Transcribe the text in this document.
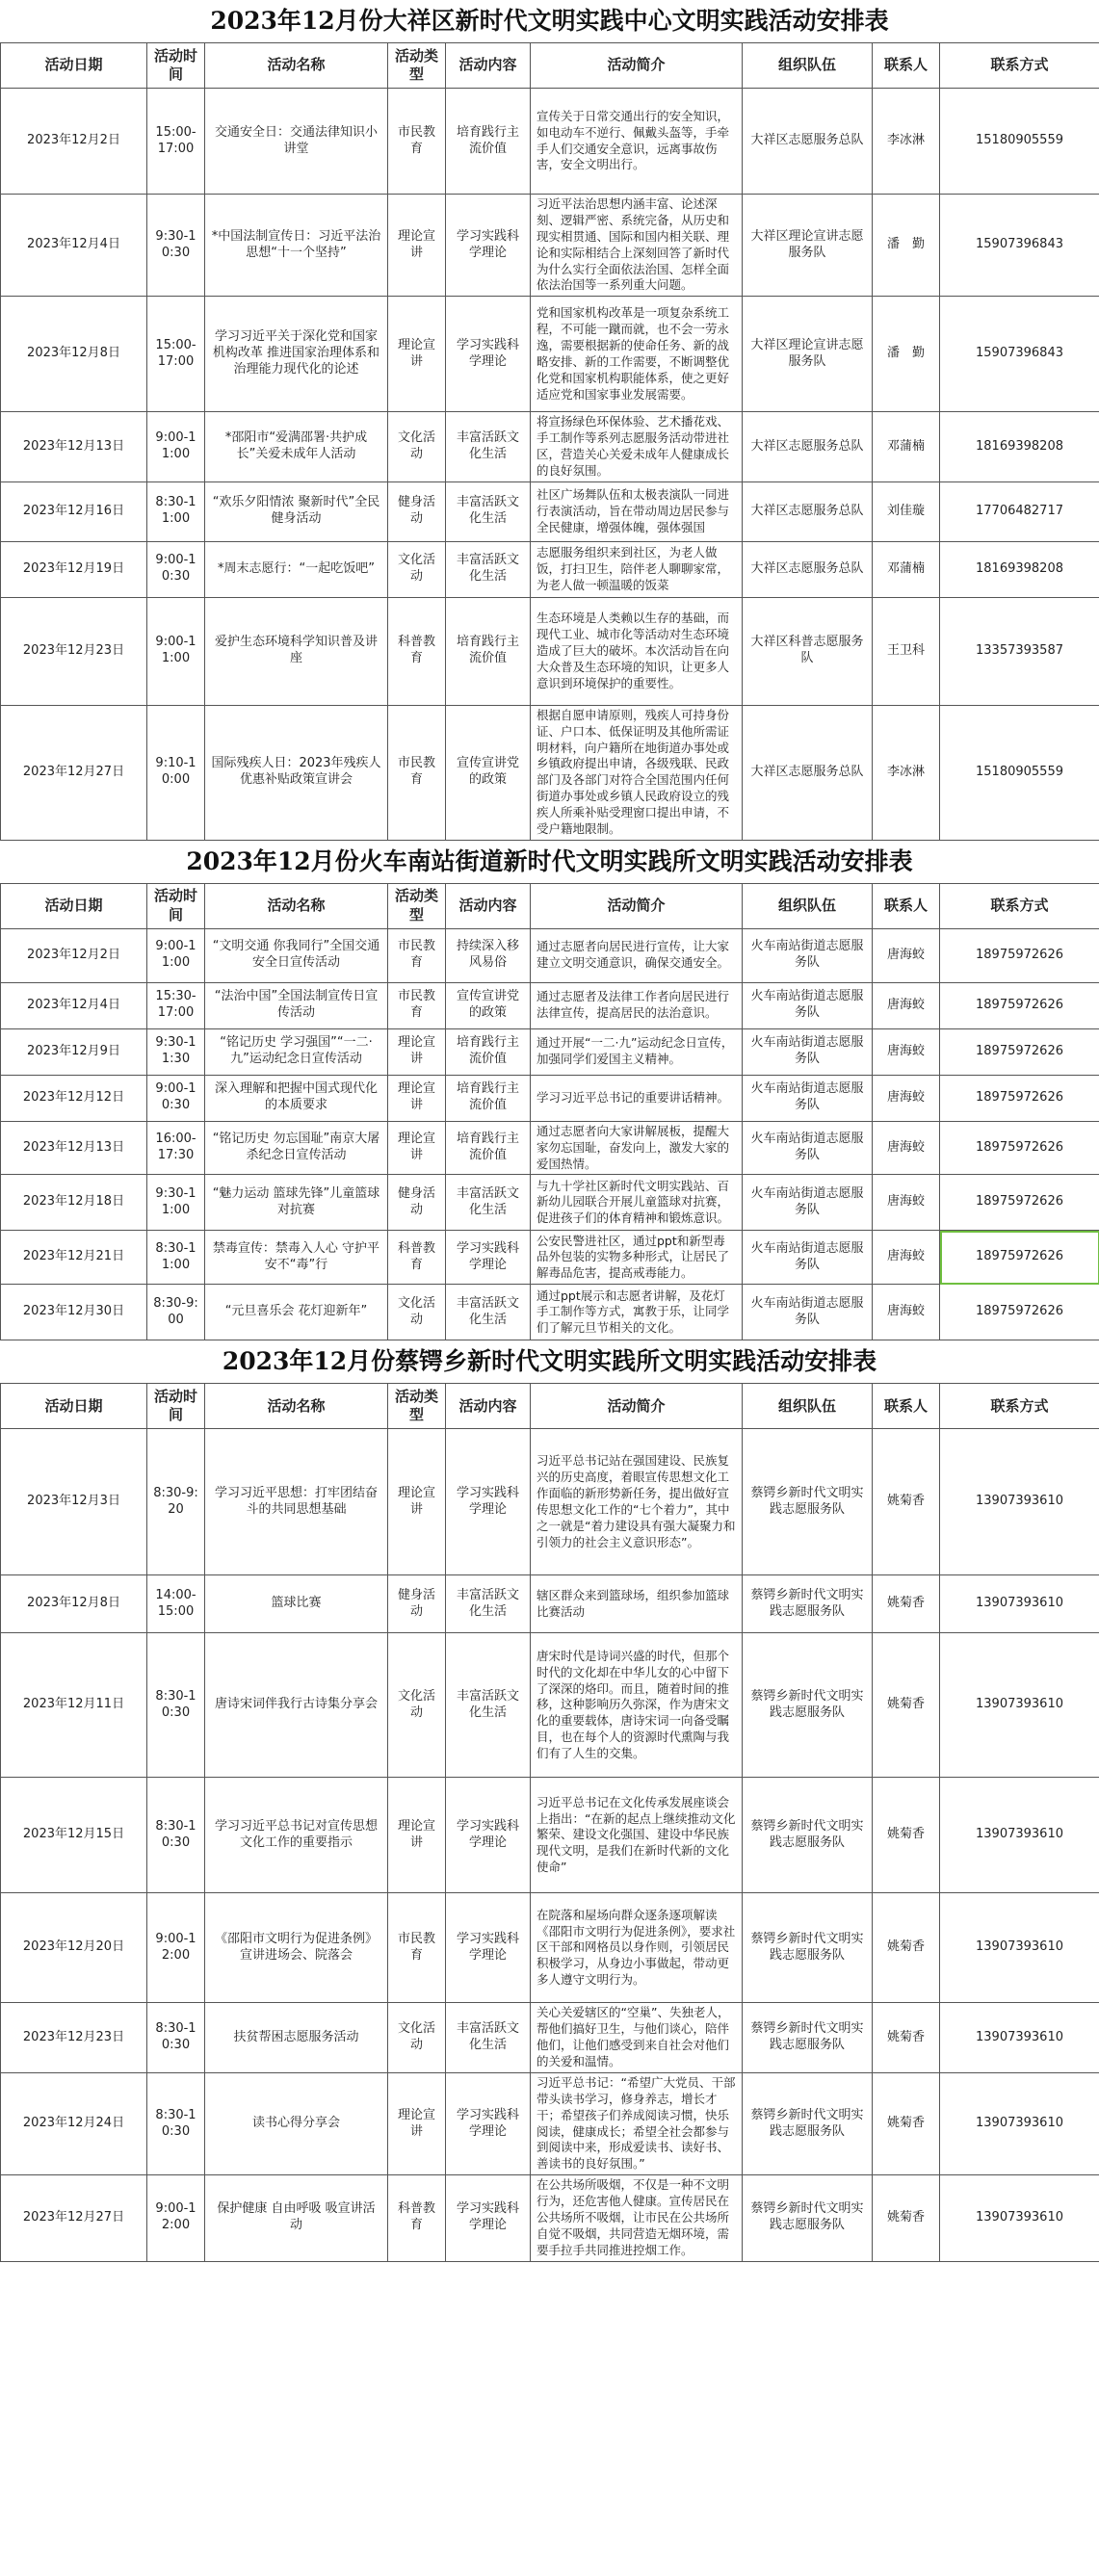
2023年12月份大祥区新时代文明实践中心文明实践活动安排表
活动日期	活动时间	活动名称	活动类型	活动内容	活动简介	组织队伍	联系人	联系方式
2023年12月2日	15:00-17:00	交通安全日：交通法律知识小讲堂	市民教育	培育践行主流价值	宣传关于日常交通出行的安全知识，如电动车不逆行、佩戴头盔等，手牵手人们交通安全意识，远离事故伤害，安全文明出行。	大祥区志愿服务总队	李冰淋	15180905559
2023年12月4日	9:30-10:30	*中国法制宣传日：习近平法治思想“十一个坚持”	理论宣讲	学习实践科学理论	习近平法治思想内涵丰富、论述深刻、逻辑严密、系统完备，从历史和现实相贯通、国际和国内相关联、理论和实际相结合上深刻回答了新时代为什么实行全面依法治国、怎样全面依法治国等一系列重大问题。	大祥区理论宣讲志愿服务队	潘　勤	15907396843
2023年12月8日	15:00-17:00	学习习近平关于深化党和国家机构改革 推进国家治理体系和治理能力现代化的论述	理论宣讲	学习实践科学理论	党和国家机构改革是一项复杂系统工程，不可能一蹴而就，也不会一劳永逸，需要根据新的使命任务、新的战略安排、新的工作需要，不断调整优化党和国家机构职能体系，使之更好适应党和国家事业发展需要。	大祥区理论宣讲志愿服务队	潘　勤	15907396843
2023年12月13日	9:00-11:00	*邵阳市“爱满邵署·共护成长”关爱未成年人活动	文化活动	丰富活跃文化生活	将宣扬绿色环保体验、艺术播花戏、手工制作等系列志愿服务活动带进社区，营造关心关爱未成年人健康成长的良好氛围。	大祥区志愿服务总队	邓蒲楠	18169398208
2023年12月16日	8:30-11:00	“欢乐夕阳情浓 聚新时代”全民健身活动	健身活动	丰富活跃文化生活	社区广场舞队伍和太极表演队一同进行表演活动，旨在带动周边居民参与全民健康，增强体魄，强体强国	大祥区志愿服务总队	刘佳璇	17706482717
2023年12月19日	9:00-10:30	*周末志愿行：“一起吃饭吧”	文化活动	丰富活跃文化生活	志愿服务组织来到社区，为老人做饭，打扫卫生，陪伴老人聊聊家常，为老人做一顿温暖的饭菜	大祥区志愿服务总队	邓蒲楠	18169398208
2023年12月23日	9:00-11:00	爱护生态环境科学知识普及讲座	科普教育	培育践行主流价值	生态环境是人类赖以生存的基础，而现代工业、城市化等活动对生态环境造成了巨大的破坏。本次活动旨在向大众普及生态环境的知识，让更多人意识到环境保护的重要性。	大祥区科普志愿服务队	王卫科	13357393587
2023年12月27日	9:10-10:00	国际残疾人日：2023年残疾人优惠补贴政策宣讲会	市民教育	宣传宣讲党的政策	根据自愿申请原则，残疾人可持身份证、户口本、低保证明及其他所需证明材料，向户籍所在地街道办事处或乡镇政府提出申请，各级残联、民政部门及各部门对符合全国范围内任何街道办事处或乡镇人民政府设立的残疾人所乘补贴受理窗口提出申请，不受户籍地限制。	大祥区志愿服务总队	李冰淋	15180905559
2023年12月份火车南站街道新时代文明实践所文明实践活动安排表
活动日期	活动时间	活动名称	活动类型	活动内容	活动简介	组织队伍	联系人	联系方式
2023年12月2日	9:00-11:00	“文明交通 你我同行”全国交通安全日宣传活动	市民教育	持续深入移风易俗	通过志愿者向居民进行宣传，让大家建立文明交通意识，确保交通安全。	火车南站街道志愿服务队	唐海蛟	18975972626
2023年12月4日	15:30-17:00	“法治中国”全国法制宣传日宣传活动	市民教育	宣传宣讲党的政策	通过志愿者及法律工作者向居民进行法律宣传，提高居民的法治意识。	火车南站街道志愿服务队	唐海蛟	18975972626
2023年12月9日	9:30-11:30	“铭记历史 学习强国”“一二·九”运动纪念日宣传活动	理论宣讲	培育践行主流价值	通过开展“一二·九”运动纪念日宣传，加强同学们爱国主义精神。	火车南站街道志愿服务队	唐海蛟	18975972626
2023年12月12日	9:00-10:30	深入理解和把握中国式现代化的本质要求	理论宣讲	培育践行主流价值	学习习近平总书记的重要讲话精神。	火车南站街道志愿服务队	唐海蛟	18975972626
2023年12月13日	16:00-17:30	“铭记历史 勿忘国耻”南京大屠杀纪念日宣传活动	理论宣讲	培育践行主流价值	通过志愿者向大家讲解展板，提醒大家勿忘国耻，奋发向上，激发大家的爱国热情。	火车南站街道志愿服务队	唐海蛟	18975972626
2023年12月18日	9:30-11:00	“魅力运动 篮球先锋”儿童篮球对抗赛	健身活动	丰富活跃文化生活	与九十学社区新时代文明实践站、百新幼儿园联合开展儿童篮球对抗赛，促进孩子们的体育精神和锻炼意识。	火车南站街道志愿服务队	唐海蛟	18975972626
2023年12月21日	8:30-11:00	禁毒宣传：禁毒入人心 守护平安不“毒”行	科普教育	学习实践科学理论	公安民警进社区，通过ppt和新型毒品外包装的实物多种形式，让居民了解毒品危害，提高戒毒能力。	火车南站街道志愿服务队	唐海蛟	18975972626
2023年12月30日	8:30-9:00	“元旦喜乐会 花灯迎新年”	文化活动	丰富活跃文化生活	通过ppt展示和志愿者讲解，及花灯手工制作等方式，寓教于乐，让同学们了解元旦节相关的文化。	火车南站街道志愿服务队	唐海蛟	18975972626
2023年12月份蔡锷乡新时代文明实践所文明实践活动安排表
活动日期	活动时间	活动名称	活动类型	活动内容	活动简介	组织队伍	联系人	联系方式
2023年12月3日	8:30-9:20	学习习近平思想：打牢团结奋斗的共同思想基础	理论宣讲	学习实践科学理论	习近平总书记站在强国建设、民族复兴的历史高度，着眼宣传思想文化工作面临的新形势新任务，提出做好宣传思想文化工作的“七个着力”，其中之一就是“着力建设具有强大凝聚力和引领力的社会主义意识形态”。	蔡锷乡新时代文明实践志愿服务队	姚菊香	13907393610
2023年12月8日	14:00-15:00	篮球比赛	健身活动	丰富活跃文化生活	辖区群众来到篮球场，组织参加篮球比赛活动	蔡锷乡新时代文明实践志愿服务队	姚菊香	13907393610
2023年12月11日	8:30-10:30	唐诗宋词伴我行古诗集分享会	文化活动	丰富活跃文化生活	唐宋时代是诗词兴盛的时代，但那个时代的文化却在中华儿女的心中留下了深深的烙印。而且，随着时间的推移，这种影响历久弥深，作为唐宋文化的重要载体，唐诗宋词一向备受瞩目，也在每个人的资源时代熏陶与我们有了人生的交集。	蔡锷乡新时代文明实践志愿服务队	姚菊香	13907393610
2023年12月15日	8:30-10:30	学习习近平总书记对宣传思想文化工作的重要指示	理论宣讲	学习实践科学理论	习近平总书记在文化传承发展座谈会上指出：“在新的起点上继续推动文化繁荣、建设文化强国、建设中华民族现代文明，是我们在新时代新的文化使命”	蔡锷乡新时代文明实践志愿服务队	姚菊香	13907393610
2023年12月20日	9:00-12:00	《邵阳市文明行为促进条例》宣讲进场会、院落会	市民教育	学习实践科学理论	在院落和屋场向群众逐条逐项解读《邵阳市文明行为促进条例》，要求社区干部和网格员以身作则，引领居民积极学习，从身边小事做起，带动更多人遵守文明行为。	蔡锷乡新时代文明实践志愿服务队	姚菊香	13907393610
2023年12月23日	8:30-10:30	扶贫帮困志愿服务活动	文化活动	丰富活跃文化生活	关心关爱辖区的“空巢”、失独老人，帮他们搞好卫生，与他们谈心，陪伴他们，让他们感受到来自社会对他们的关爱和温情。	蔡锷乡新时代文明实践志愿服务队	姚菊香	13907393610
2023年12月24日	8:30-10:30	读书心得分享会	理论宣讲	学习实践科学理论	习近平总书记：“希望广大党员、干部带头读书学习，修身养志，增长才干；希望孩子们养成阅读习惯，快乐阅读，健康成长；希望全社会都参与到阅读中来，形成爱读书、读好书、善读书的良好氛围。”	蔡锷乡新时代文明实践志愿服务队	姚菊香	13907393610
2023年12月27日	9:00-12:00	保护健康 自由呼吸 吸宣讲活动	科普教育	学习实践科学理论	在公共场所吸烟，不仅是一种不文明行为，还危害他人健康。宣传居民在公共场所不吸烟，让市民在公共场所自觉不吸烟，共同营造无烟环境，需要手拉手共同推进控烟工作。	蔡锷乡新时代文明实践志愿服务队	姚菊香	13907393610
